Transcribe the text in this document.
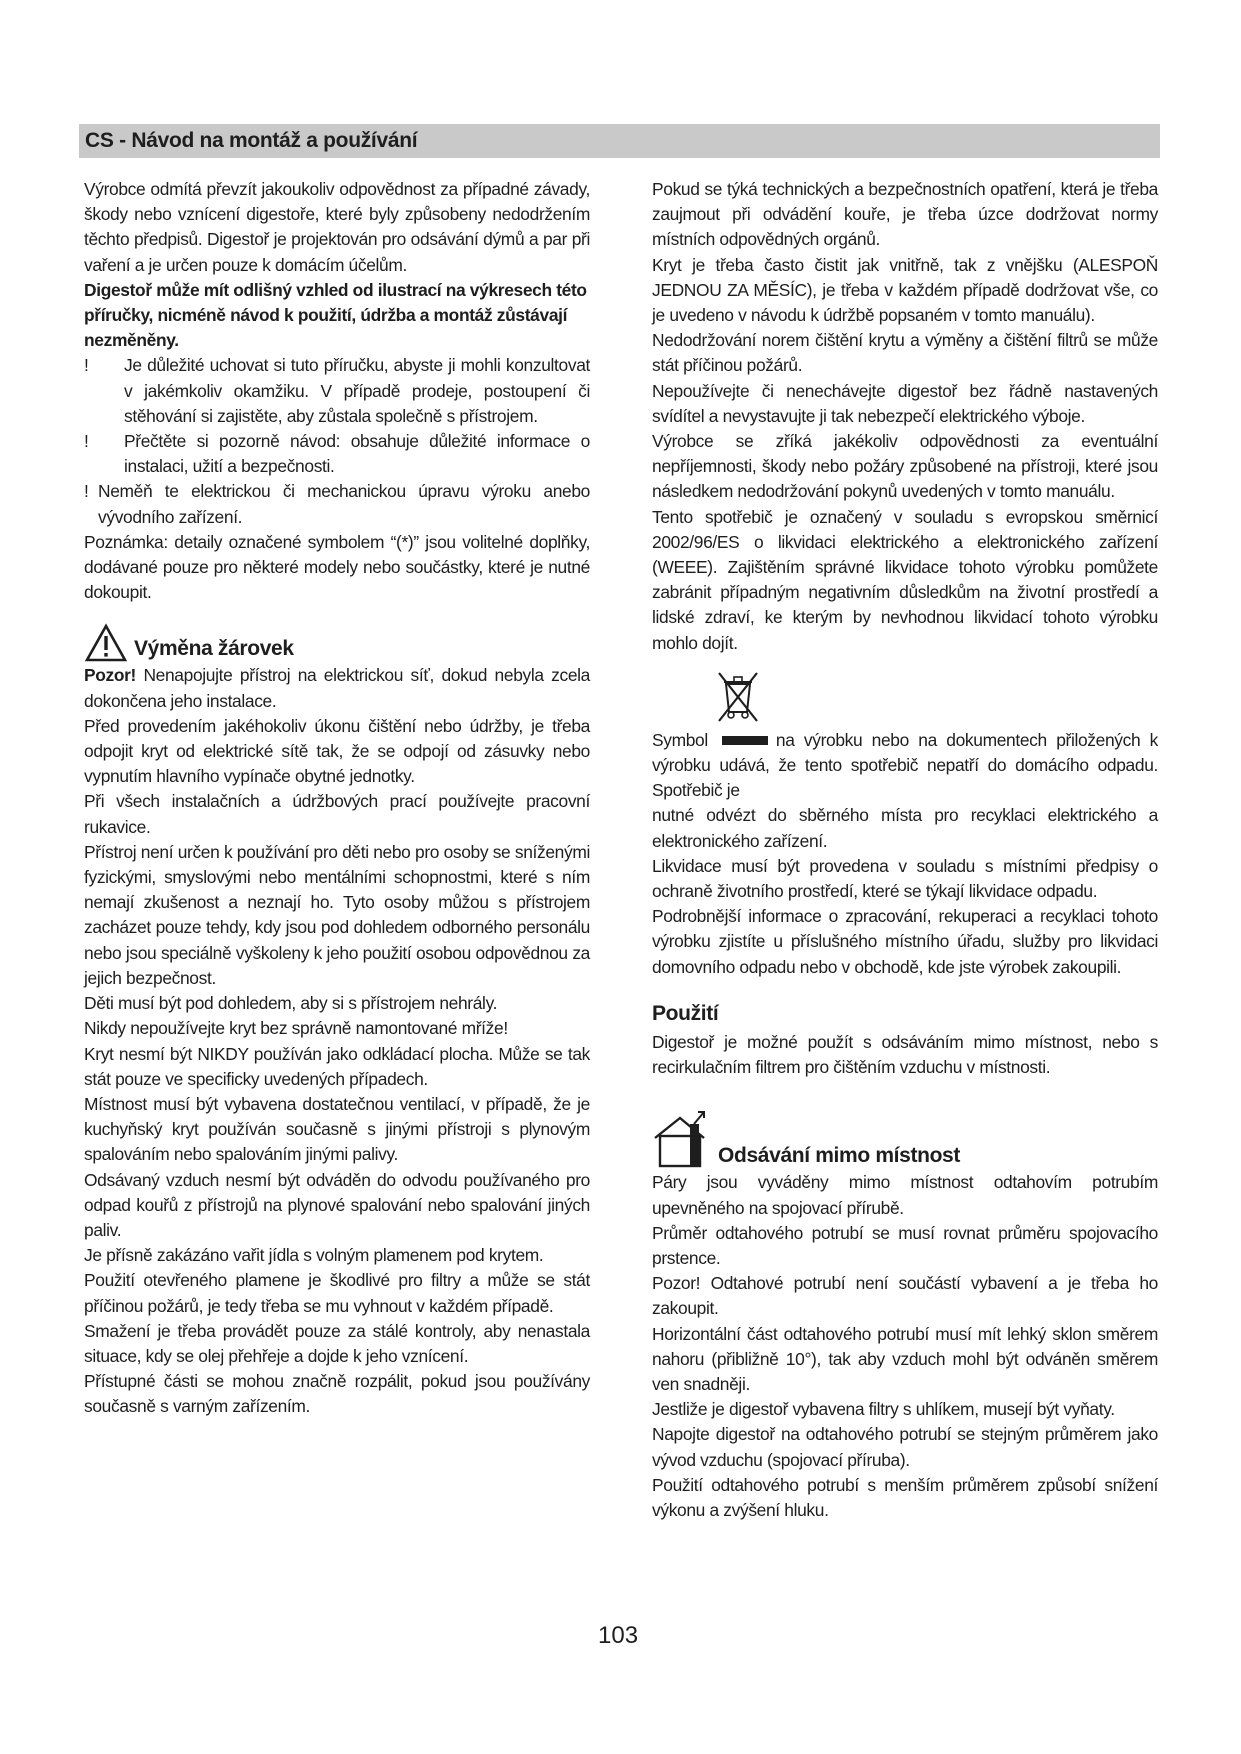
CS - Návod na montáž a používání

Výrobce odmítá převzít jakoukoliv odpovědnost za případné závady, škody nebo vznícení digestoře, které byly způsobeny nedodržením těchto předpisů. Digestoř je projektován pro odsávání dýmů a par při vaření a je určen pouze k domácím účelům.

Digestoř může mít odlišný vzhled od ilustrací na výkresech této příručky, nicméně návod k použití, údržba a montáž zůstávají nezměněny.

!	Je důležité uchovat si tuto příručku, abyste ji mohli konzultovat v jakémkoliv okamžiku. V případě prodeje, postoupení či stěhování si zajistěte, aby zůstala společně s přístrojem.
!	Přečtěte si pozorně návod: obsahuje důležité informace o instalaci, užití a bezpečnosti.
! Neměň te elektrickou či mechanickou úpravu výroku anebo vývodního zařízení.

Poznámka: detaily označené symbolem “(*)” jsou volitelné doplňky, dodávané pouze pro některé modely nebo součástky, které je nutné dokoupit.

Výměna žárovek

Pozor! Nenapojujte přístroj na elektrickou síť, dokud nebyla zcela dokončena jeho instalace.

Před provedením jakéhokoliv úkonu čištění nebo údržby, je třeba odpojit kryt od elektrické sítě tak, že se odpojí od zásuvky nebo vypnutím hlavního vypínače obytné jednotky.

Při všech instalačních a údržbových prací používejte pracovní rukavice.

Přístroj není určen k používání pro děti nebo pro osoby se sníženými fyzickými, smyslovými nebo mentálními schopnostmi, které s ním nemají zkušenost a neznají ho. Tyto osoby můžou s přístrojem zacházet pouze tehdy, kdy jsou pod dohledem odborného personálu nebo jsou speciálně vyškoleny k jeho použití osobou odpovědnou za jejich bezpečnost.

Děti musí být pod dohledem, aby si s přístrojem nehrály.

Nikdy nepoužívejte kryt bez správně namontované mříže!

Kryt nesmí být NIKDY používán jako odkládací plocha. Může se tak stát pouze ve specificky uvedených případech.

Místnost musí být vybavena dostatečnou ventilací, v případě, že je kuchyňský kryt používán současně s jinými přístroji s plynovým spalováním nebo spalováním jinými palivy.

Odsávaný vzduch nesmí být odváděn do odvodu používaného pro odpad kouřů z přístrojů na plynové spalování nebo spalování jiných paliv.

Je přísně zakázáno vařit jídla s volným plamenem pod krytem.

Použití otevřeného plamene je škodlivé pro filtry a může se stát příčinou požárů, je tedy třeba se mu vyhnout v každém případě.

Smažení je třeba provádět pouze za stálé kontroly, aby nenastala situace, kdy se olej přehřeje a dojde k jeho vznícení.

Přístupné části se mohou značně rozpálit, pokud jsou používány současně s varným zařízením.

Pokud se týká technických a bezpečnostních opatření, která je třeba zaujmout při odvádění kouře, je třeba úzce dodržovat normy místních odpovědných orgánů.

Kryt je třeba často čistit jak vnitřně, tak z vnějšku (ALESPOŇ JEDNOU ZA MĚSÍC), je třeba v každém případě dodržovat vše, co je uvedeno v návodu k údržbě popsaném v tomto manuálu).

Nedodržování norem čištění krytu a výměny a čištění filtrů se může stát příčinou požárů.

Nepoužívejte či nenechávejte digestoř bez řádně nastavených svídítel a nevystavujte ji tak nebezpečí elektrického výboje.

Výrobce se zříká jakékoliv odpovědnosti za eventuální nepříjemnosti, škody nebo požáry způsobené na přístroji, které jsou následkem nedodržování pokynů uvedených v tomto manuálu.

Tento spotřebič je označený v souladu s evropskou směrnicí 2002/96/ES o likvidaci elektrického a elektronického zařízení (WEEE). Zajištěním správné likvidace tohoto výrobku pomůžete zabránit případným negativním důsledkům na životní prostředí a lidské zdraví, ke kterým by nevhodnou likvidací tohoto výrobku mohlo dojít.

Symbol	na výrobku nebo na dokumentech přiložených k výrobku udává, že tento spotřebič nepatří do domácího odpadu. Spotřebič je

nutné odvézt do sběrného místa pro recyklaci elektrického a elektronického zařízení.

Likvidace musí být provedena v souladu s místními předpisy o ochraně životního prostředí, které se týkají likvidace odpadu.

Podrobnější informace o zpracování, rekuperaci a recyklaci tohoto výrobku zjistíte u příslušného místního úřadu, služby pro likvidaci domovního odpadu nebo v obchodě, kde jste výrobek zakoupili.

Použití

Digestoř je možné použít s odsáváním mimo místnost, nebo s recirkulačním filtrem pro čištěním vzduchu v místnosti.

Odsávání mimo místnost

Páry jsou vyváděny mimo místnost odtahovím potrubím upevněného na spojovací přírubě.

Průměr odtahového potrubí se musí rovnat průměru spojovacího prstence.

Pozor! Odtahové potrubí není součástí vybavení a je třeba ho zakoupit.

Horizontální část odtahového potrubí musí mít lehký sklon směrem nahoru (přibližně 10°), tak aby vzduch mohl být odváněn směrem ven snadněji.

Jestliže je digestoř vybavena filtry s uhlíkem, musejí být vyňaty.

Napojte digestoř na odtahového potrubí se stejným průměrem jako vývod vzduchu (spojovací příruba).

Použití odtahového potrubí s menším průměrem způsobí snížení výkonu a zvýšení hluku.

103
